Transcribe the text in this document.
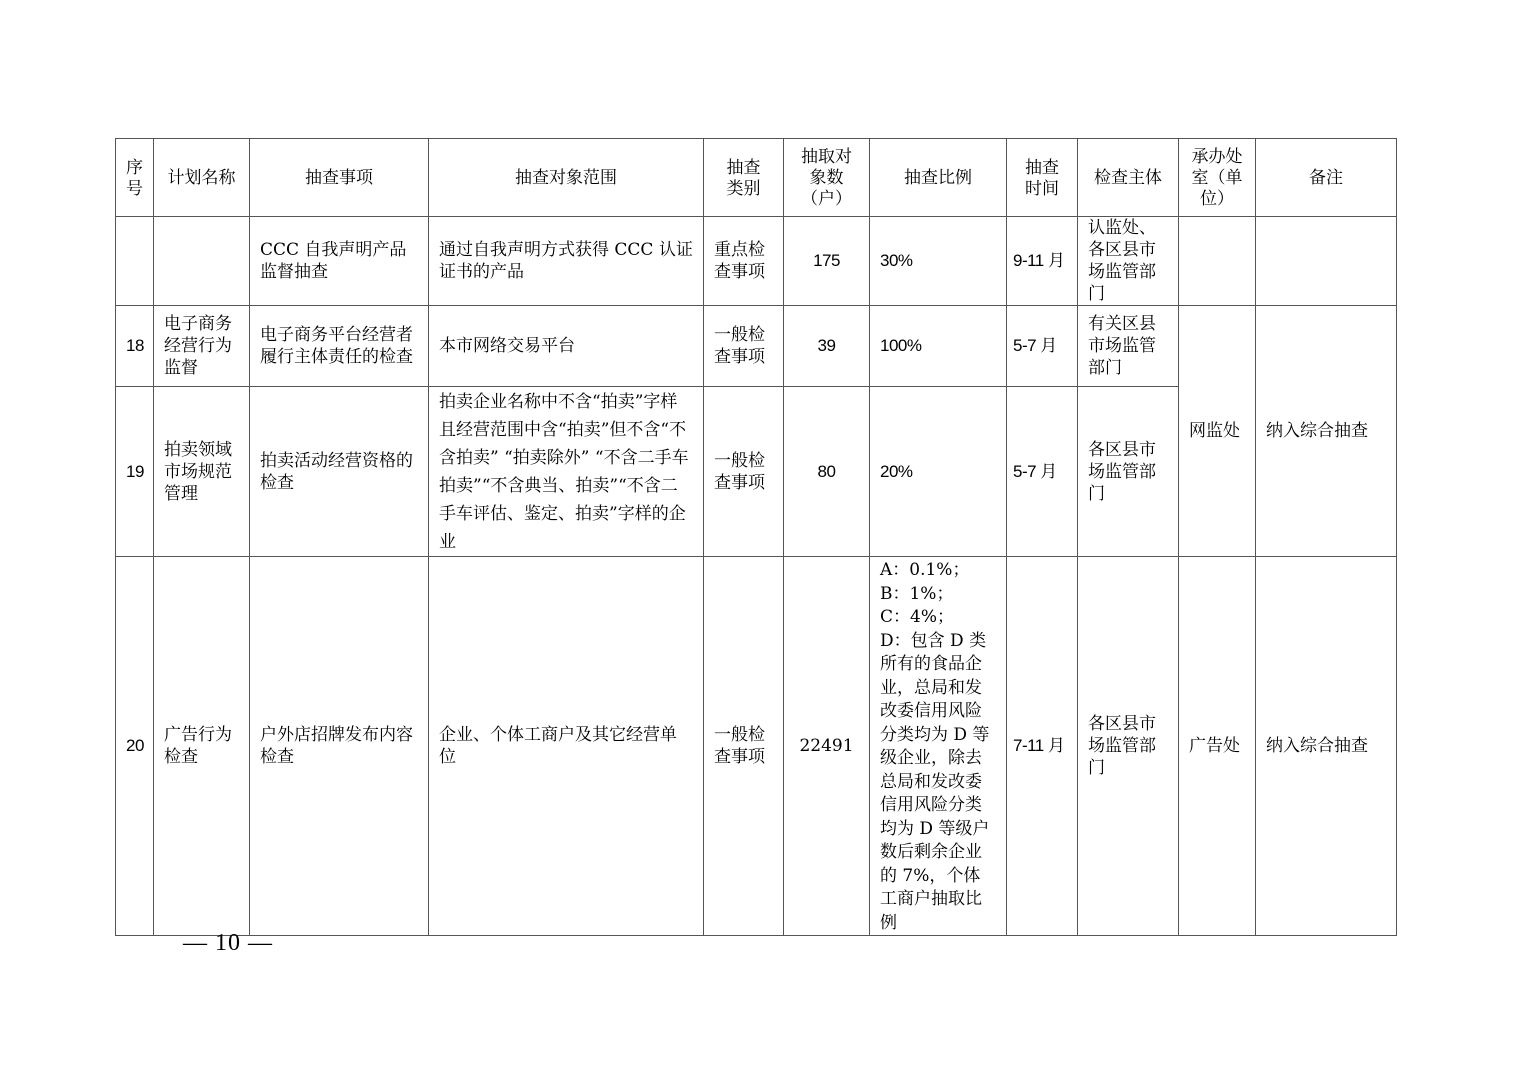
序号	计划名称	抽查事项	抽查对象范围	抽查类别	抽取对象数（户）	抽查比例	抽查时间	检查主体	承办处室（单位）	备注
		CCC 自我声明产品监督抽查	通过自我声明方式获得 CCC 认证证书的产品	重点检查事项	175	30%	9-11 月	认监处、各区县市场监管部门		
18	电子商务经营行为监督	电子商务平台经营者履行主体责任的检查	本市网络交易平台	一般检查事项	39	100%	5-7 月	有关区县市场监管部门	网监处	纳入综合抽查
19	拍卖领域市场规范管理	拍卖活动经营资格的检查	拍卖企业名称中不含“拍卖”字样且经营范围中含“拍卖”但不含“不含拍卖” “拍卖除外” “不含二手车拍卖”“不含典当、拍卖”“不含二手车评估、鉴定、拍卖”字样的企业	一般检查事项	80	20%	5-7 月	各区县市场监管部门		
20	广告行为检查	户外店招牌发布内容检查	企业、个体工商户及其它经营单位	一般检查事项	22491	A：0.1%；
B：1%；
C：4%；
D：包含 D 类所有的食品企业，总局和发改委信用风险分类均为 D 等级企业，除去总局和发改委信用风险分类均为 D 等级户数后剩余企业的 7%，个体工商户抽取比例	7-11 月	各区县市场监管部门	广告处	纳入综合抽查
— 10 —
